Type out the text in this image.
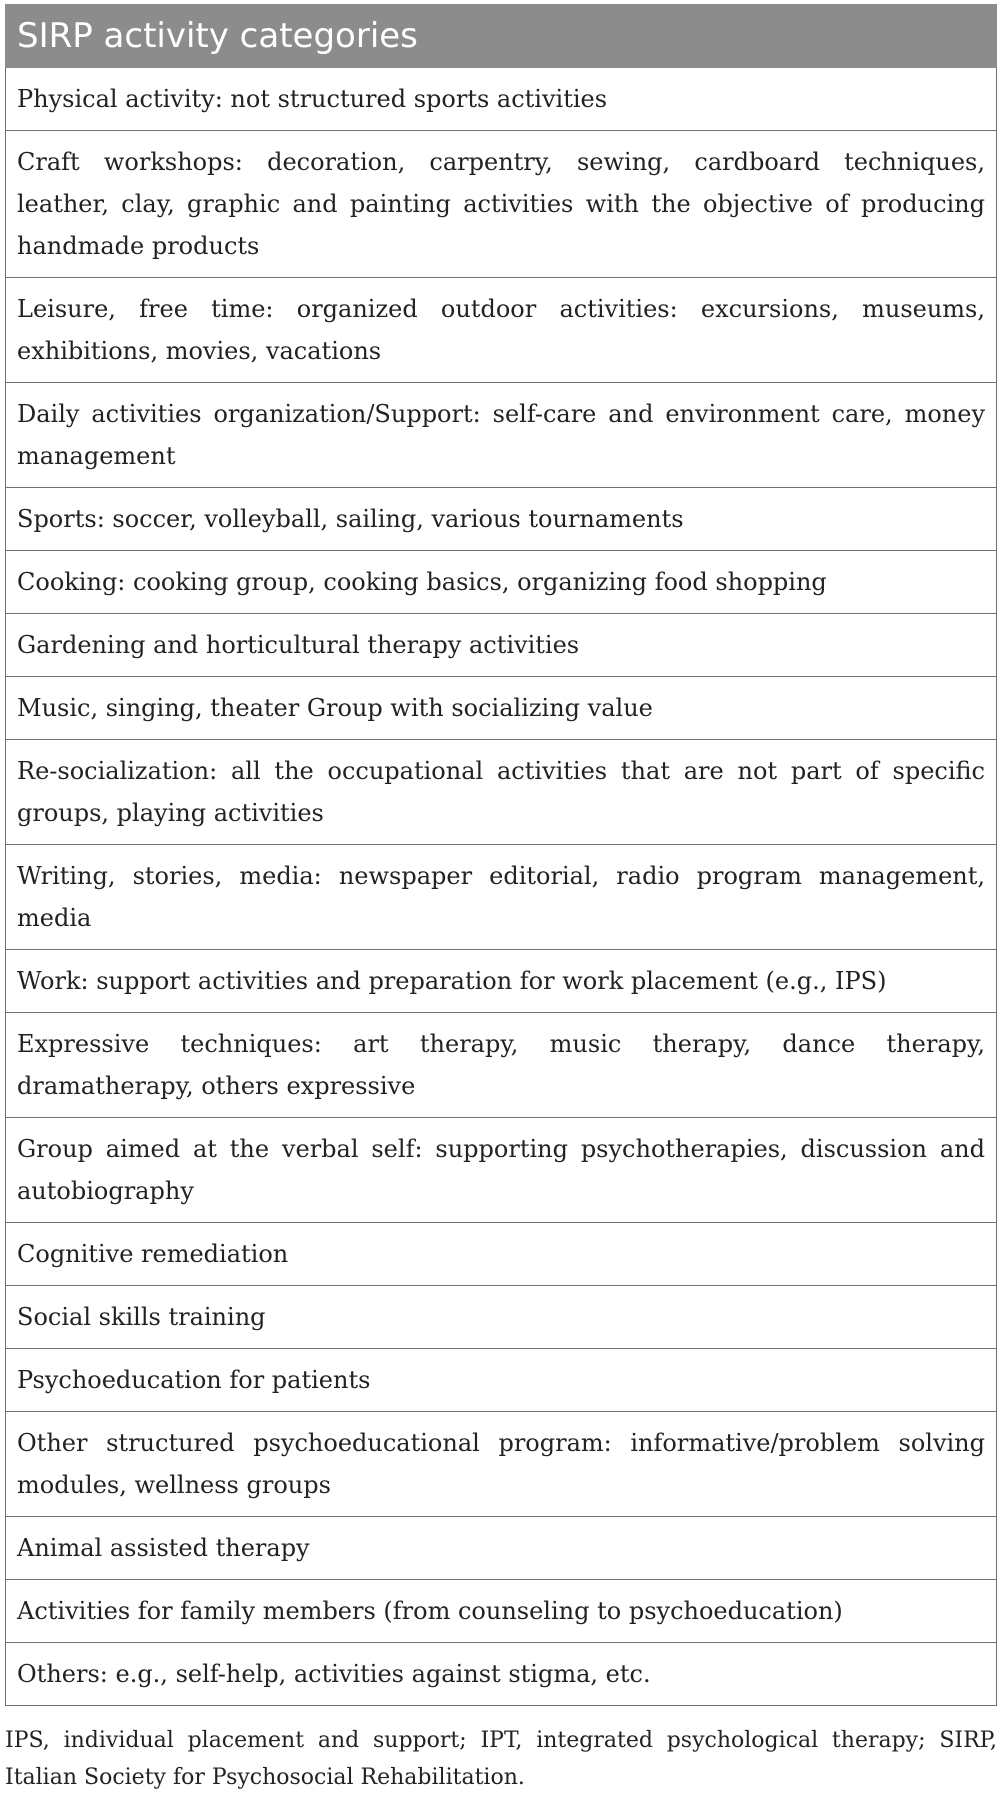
SIRP activity categories
Physical activity: not structured sports activities
Craft workshops: decoration, carpentry, sewing, cardboard techniques, leather, clay, graphic and painting activities with the objective of producing handmade products
Leisure, free time: organized outdoor activities: excursions, museums, exhibitions, movies, vacations
Daily activities organization/Support: self-care and environment care, money management
Sports: soccer, volleyball, sailing, various tournaments
Cooking: cooking group, cooking basics, organizing food shopping
Gardening and horticultural therapy activities
Music, singing, theater Group with socializing value
Re-socialization: all the occupational activities that are not part of specific groups, playing activities
Writing, stories, media: newspaper editorial, radio program management, media
Work: support activities and preparation for work placement (e.g., IPS)
Expressive techniques: art therapy, music therapy, dance therapy, dramatherapy, others expressive
Group aimed at the verbal self: supporting psychotherapies, discussion and autobiography
Cognitive remediation
Social skills training
Psychoeducation for patients
Other structured psychoeducational program: informative/problem solving modules, wellness groups
Animal assisted therapy
Activities for family members (from counseling to psychoeducation)
Others: e.g., self-help, activities against stigma, etc.
IPS, individual placement and support; IPT, integrated psychological therapy; SIRP, Italian Society for Psychosocial Rehabilitation.
